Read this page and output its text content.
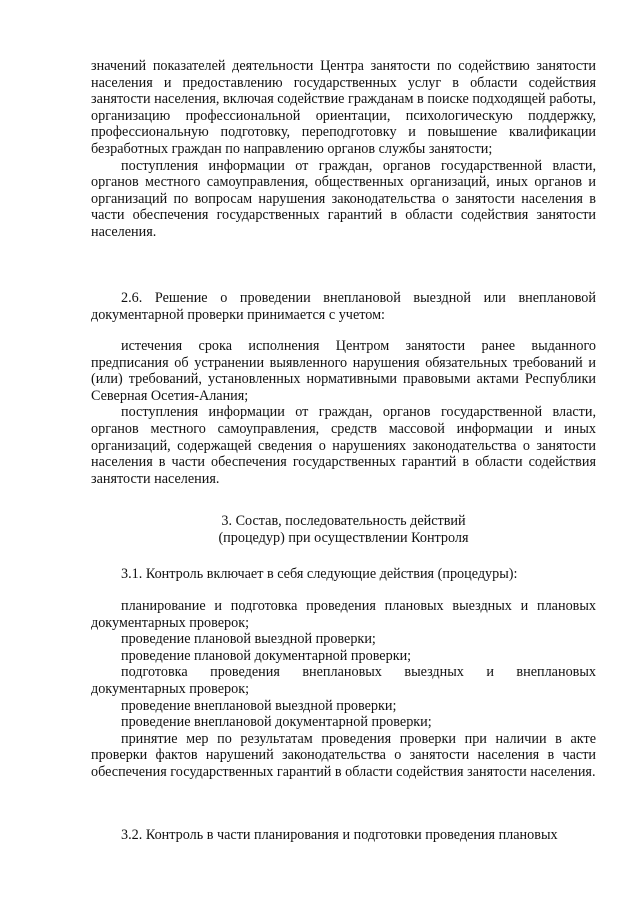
значений показателей деятельности Центра занятости по содействию занятости населения и предоставлению государственных услуг в области содействия занятости населения, включая содействие гражданам в поиске подходящей работы, организацию профессиональной ориентации, психологическую поддержку, профессиональную подготовку, переподготовку и повышение квалификации безработных граждан по направлению органов службы занятости;

поступления информации от граждан, органов государственной власти, органов местного самоуправления, общественных организаций, иных органов и организаций по вопросам нарушения законодательства о занятости населения в части обеспечения государственных гарантий в области содействия занятости населения.

2.6. Решение о проведении внеплановой выездной или внеплановой документарной проверки принимается с учетом:

истечения срока исполнения Центром занятости ранее выданного предписания об устранении выявленного нарушения обязательных требований и (или) требований, установленных нормативными правовыми актами Республики Северная Осетия-Алания;

поступления информации от граждан, органов государственной власти, органов местного самоуправления, средств массовой информации и иных организаций, содержащей сведения о нарушениях законодательства о занятости населения в части обеспечения государственных гарантий в области содействия занятости населения.

3. Состав, последовательность действий

(процедур) при осуществлении Контроля

3.1. Контроль включает в себя следующие действия (процедуры):

планирование и подготовка проведения плановых выездных и плановых документарных проверок;

проведение плановой выездной проверки;

проведение плановой документарной проверки;

подготовка проведения внеплановых выездных и внеплановых документарных проверок;

проведение внеплановой выездной проверки;

проведение внеплановой документарной проверки;

принятие мер по результатам проведения проверки при наличии в акте проверки фактов нарушений законодательства о занятости населения в части обеспечения государственных гарантий в области содействия занятости населения.

3.2. Контроль в части планирования и подготовки проведения плановых
